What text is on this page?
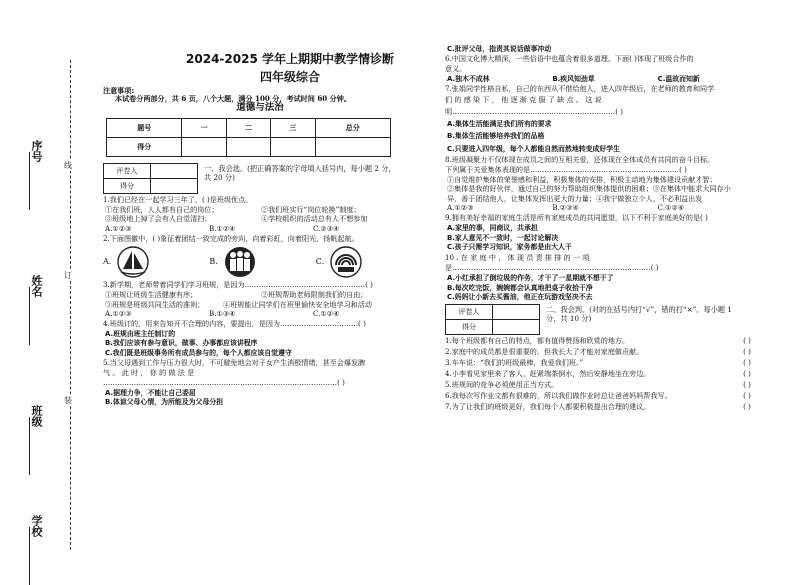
序号
姓名
班级
学校
线
订
装
2024-2025 学年上期期中教学情诊断
四年级综合
注意事项:
本试卷分两部分，共 6 页，八个大题，满分 100 分，考试时间 60 分钟。
道德与法治
题号	一	二	三	总分
得分				
评卷人	
得分	
一、我会选。(把正确答案的字母填入括号内，每小题 2 分，
共 20 分)
1.我们已经在一起学习三年了，( )是班级优点。
①在我们班，人人都有自己的岗位；	②我们班实行“岗位轮换”制度；
③班级地上掉了会有人自觉清扫；	④学校组织的活动总有人不想参加
A.①②③	B.①②④	C.②③④
2.下面图徽中，( )象征着团结一致完成的旁向，向着彩虹，向着阳光，扬帆起航。
A.	B.	C.
3.新学期，老师带着同学们学习班规，是因为……………………………………………( )
①班规让班级生活健康有序；	②班规帮助老师限制我们的自由；
③班规是班级共同生活的准则；	④班规能让同学们在班里愉快安全地学习和活动
A.①②③	B.①③④	C.①②④
4.班级订的，用来告知开不合理的内容，要提出，是因为……………………………( )
A.班规由班主任制订的
B.我们应该有参与意识，做事、办事都应该讲程序
C.我们既是班级事务所有成员参与的，每个人都应该自觉遵守
5.当父母遇到工作与压力很大时，不可避免地会对子女产生消极情绪，甚至会爆发脾
气 。 此 时 ， 你 的 做 法 是
………………………………………………………………………………………( )
A.据理力争，不能让自己委屈
B.体谅父母心情，为所能及为父母分担
C.批评父母，指责其说话做事冲动
6.中国文化博大精深，一些俗语中也蕴含着很多道理。下面( )体现了班级合作的
意义。
A.独木不成林	B.疾风知劲草	C.温故而知新
7.张娟同学性格自私，自己的东西从不借给他人，进入四年级后，在老师的教育和同学
们 的 感 染 下 ， 他 逐 渐 克 服 了 缺 点 。 这 说
明……………………………………………………………( )
A.集体生活能满足我们所有的要求
B.集体生活能够培养我们的品格
C.只要进入四年级，每个人都能自然而然地转变成好学生
8.班级凝聚力不仅体现在成员之间的互相关爱，还体现在全体成员有共同的奋斗目标。
下列属于关爱集体表现的是………………………………………………………( )
①自觉维护集体的荣誉感和利益，积极集体的安排，积极主动地为集体建设贡献才智；
②集体是我的好伙伴，通过自己的努力帮助组织集体提供的困难；③在集体中能求大同存小
异，善于团结他人，让集体发挥出更大的力量；④我宁做独立个人，不必利益出发
A.①②③	B.②③④	C.①②④
9.拥有美好幸福的家庭生活是所有家庭成员的共同愿望，以下不利于家庭美好的是( )
A.家里的事，同商议，共承担
B.家人意见不一致时，一起讨论解决
C.孩子只需学习知识，家务都是由大人干
10 . 在 家 庭 中 ， 体 现 员 责 排 排 的 一 项
是…………………………………………………………………………( )
A.小红承担了倒垃圾的作务，才干了一星期就不想干了
B.每次吃完饭，婉婉都会认真地把桌子收拾干净
C.妈妈让小新去买酱油，他正在玩游戏坚决不去
评卷人	
得分	
二、我会判。(对的在括号内打“√”，错的打“×”。每小题 1
分，共 10 分)
1.每个班级都有自己的特点，都有值得赞扬和欣赏的地方。	( )
2.家庭中的成员都是很重要的，但我长大了才能对家庭做贡献。	( )
3.车车说：“我们的班级最棒，我爱我们班。”	( )
4.小李看见家里来了客人，赶紧端茶倒水，然后安静地坐在旁边。	( )
5.班规间的竞争必须使用正当方式。	( )
6.我每次写作业文都有很难的，所以我们做作业时总让爸爸妈妈帮我写。	( )
7.为了让我们的班级更好，我们每个人都要积极提出合理的建议。	( )
